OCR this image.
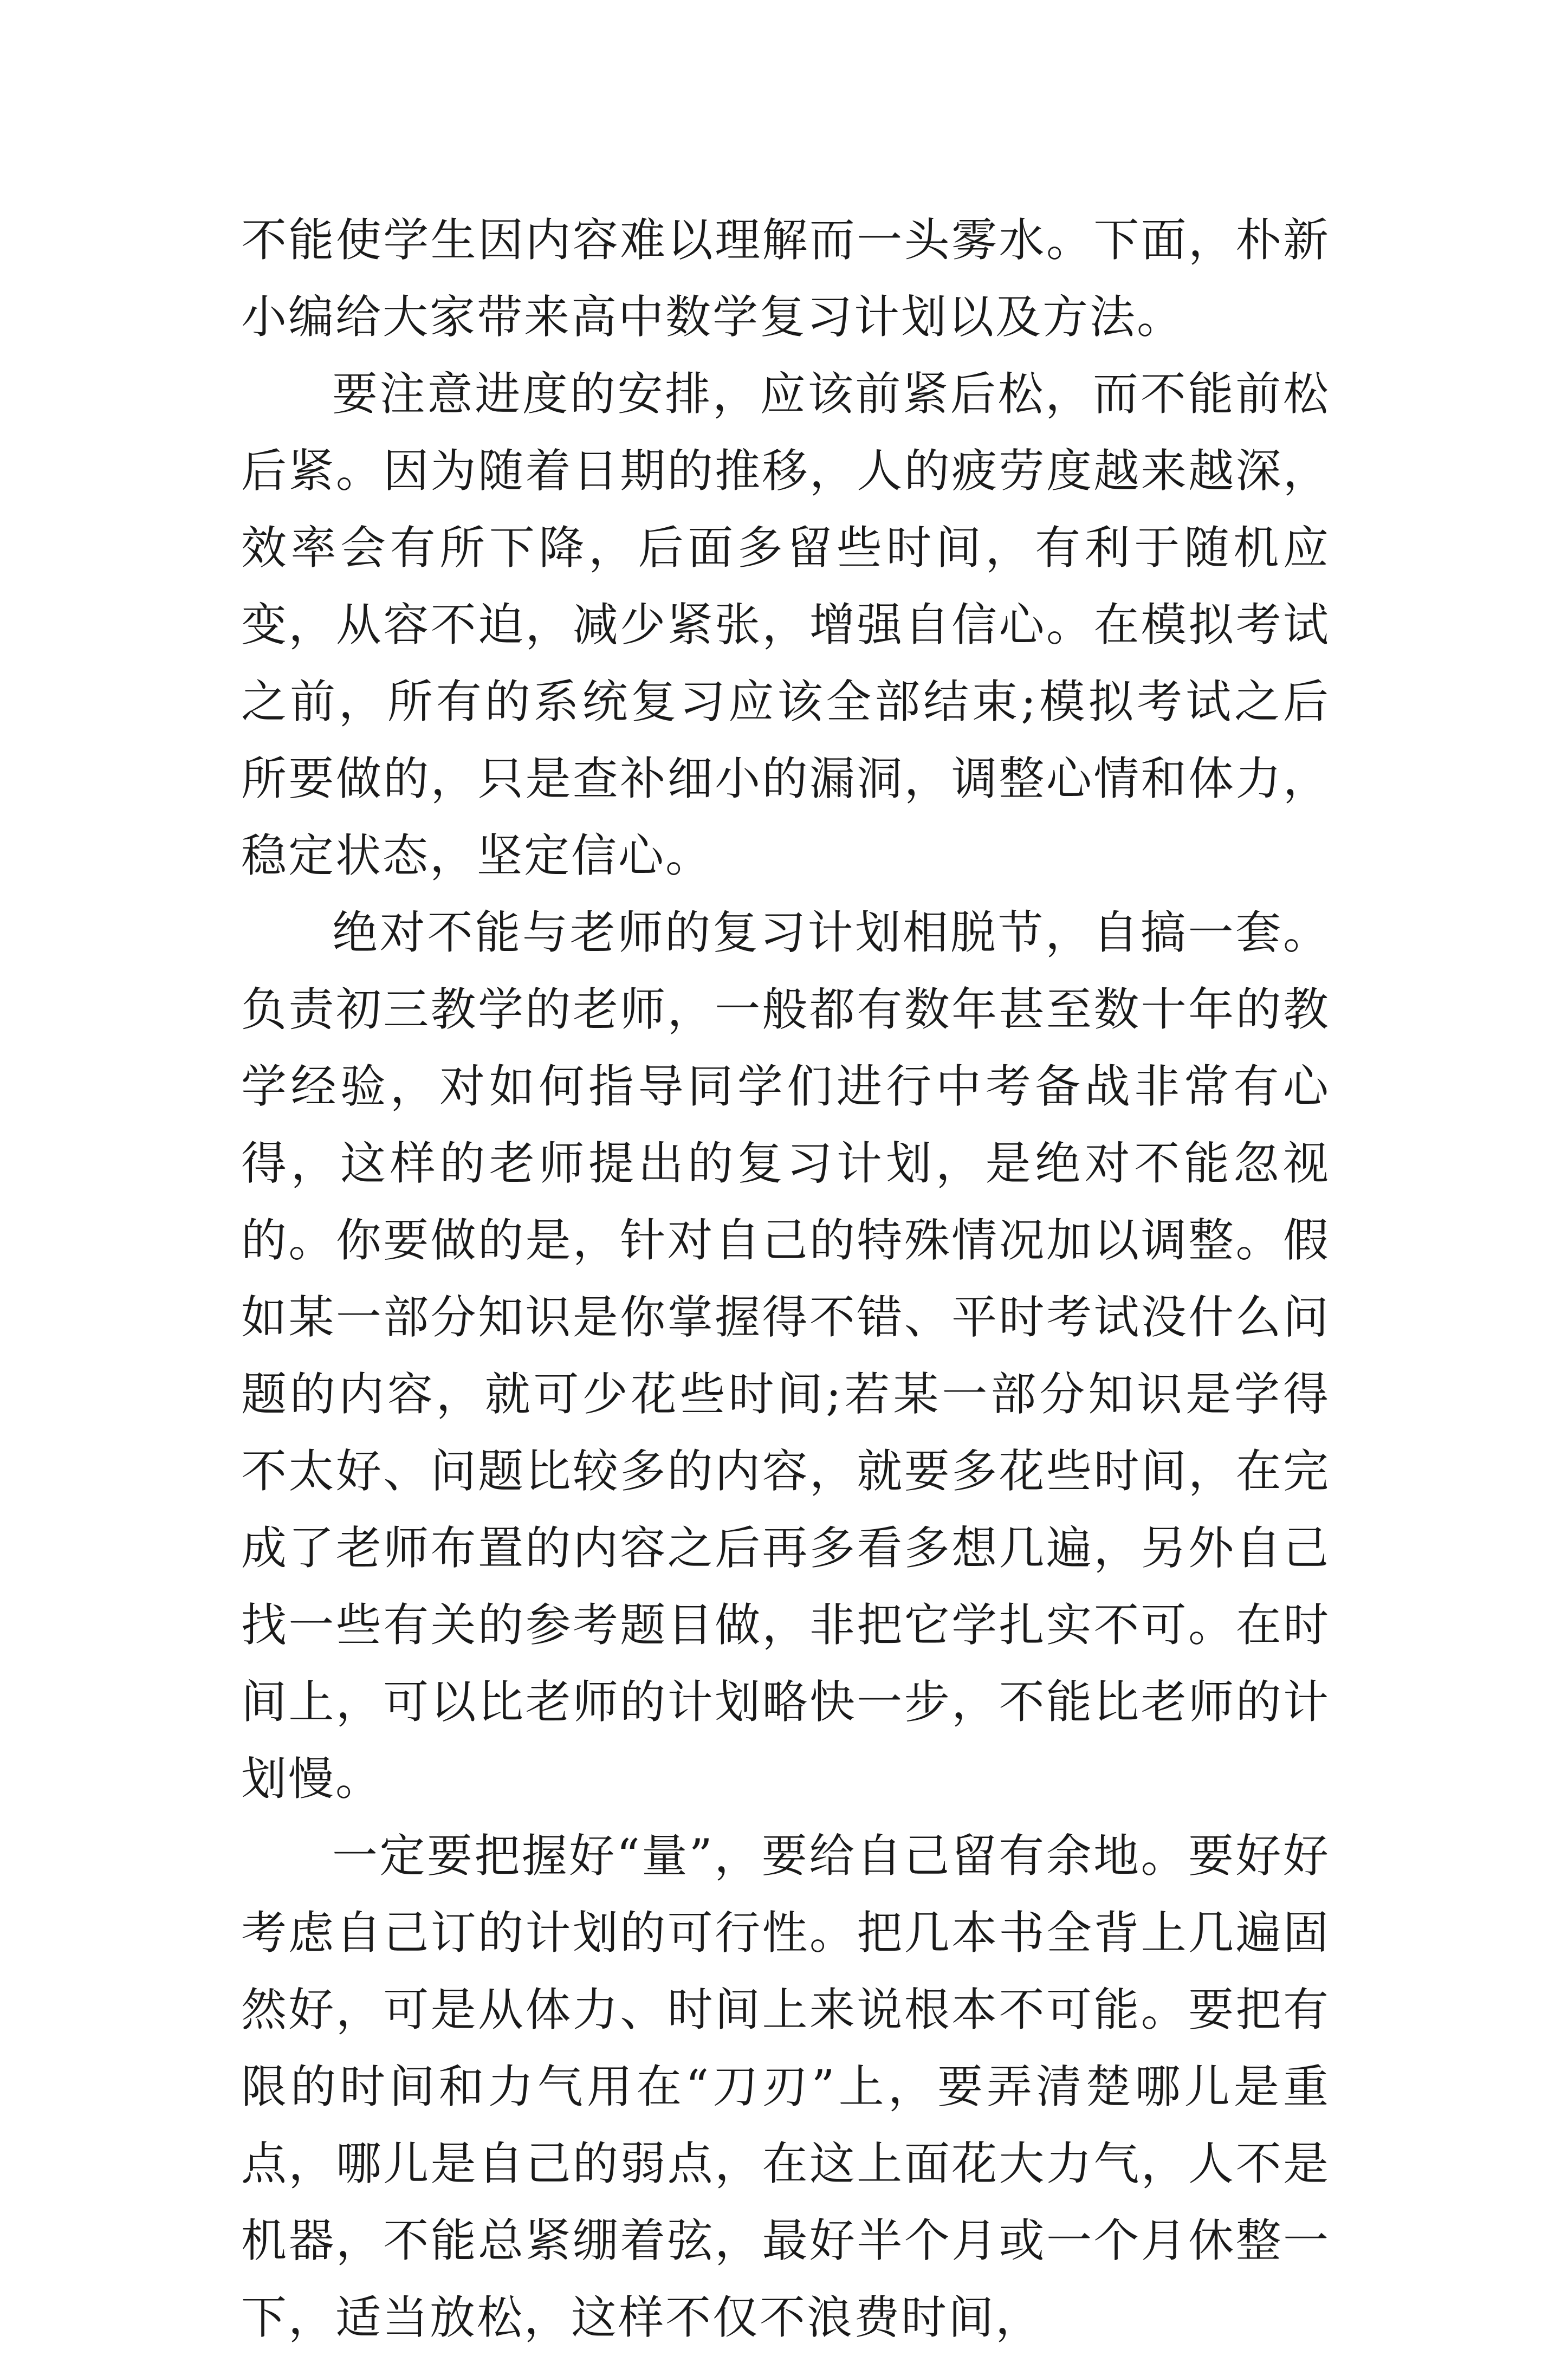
不能使学生因内容难以理解而一头雾水。下面，朴新小编给大家带来高中数学复习计划以及方法。

要注意进度的安排，应该前紧后松，而不能前松后紧。因为随着日期的推移，人的疲劳度越来越深，效率会有所下降，后面多留些时间，有利于随机应变，从容不迫，减少紧张，增强自信心。在模拟考试之前，所有的系统复习应该全部结束;模拟考试之后所要做的，只是查补细小的漏洞，调整心情和体力，稳定状态，坚定信心。

绝对不能与老师的复习计划相脱节，自搞一套。负责初三教学的老师，一般都有数年甚至数十年的教学经验，对如何指导同学们进行中考备战非常有心得，这样的老师提出的复习计划，是绝对不能忽视的。你要做的是，针对自己的特殊情况加以调整。假如某一部分知识是你掌握得不错、平时考试没什么问题的内容，就可少花些时间;若某一部分知识是学得不太好、问题比较多的内容，就要多花些时间，在完成了老师布置的内容之后再多看多想几遍，另外自己找一些有关的参考题目做，非把它学扎实不可。在时间上，可以比老师的计划略快一步，不能比老师的计划慢。

一定要把握好“量”，要给自己留有余地。要好好考虑自己订的计划的可行性。把几本书全背上几遍固然好，可是从体力、时间上来说根本不可能。要把有限的时间和力气用在“刀刃”上，要弄清楚哪儿是重点，哪儿是自己的弱点，在这上面花大力气，人不是机器，不能总紧绷着弦，最好半个月或一个月休整一下，适当放松，这样不仅不浪费时间，
